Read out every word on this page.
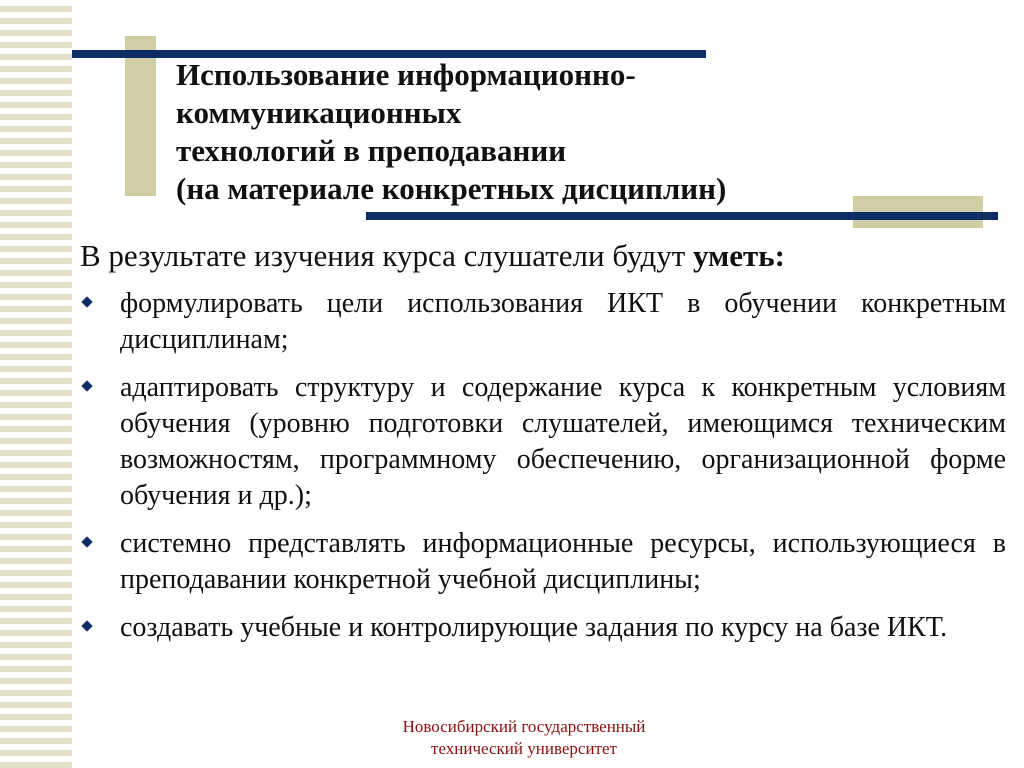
Использование информационно-
коммуникационных
технологий в преподавании
(на материале конкретных дисциплин)

В результате изучения курса слушатели будут уметь:

формулировать цели использования ИКТ в обучении конкретным дисциплинам;
адаптировать структуру и содержание курса к конкретным условиям обучения (уровню подготовки слушателей, имеющимся техническим возможностям, программному обеспечению, организационной форме обучения и др.);
системно представлять информационные ресурсы, использующиеся в преподавании конкретной учебной дисциплины;
создавать учебные и контролирующие задания по курсу на базе ИКТ.
Новосибирский государственный
технический университет
